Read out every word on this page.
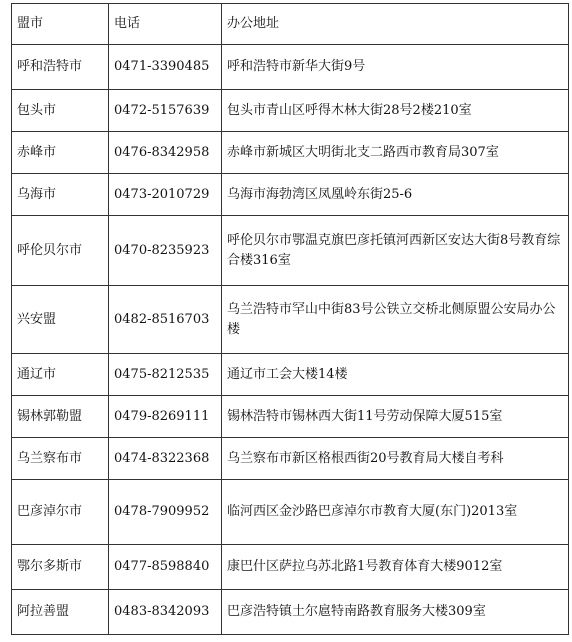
盟市	电话	办公地址
呼和浩特市	0471-3390485	呼和浩特市新华大街9号
包头市	0472-5157639	包头市青山区呼得木林大街28号2楼210室
赤峰市	0476-8342958	赤峰市新城区大明街北支二路西市教育局307室
乌海市	0473-2010729	乌海市海勃湾区凤凰岭东街25-6
呼伦贝尔市	0470-8235923	呼伦贝尔市鄂温克旗巴彦托镇河西新区安达大街8号教育综合楼316室
兴安盟	0482-8516703	乌兰浩特市罕山中街83号公铁立交桥北侧原盟公安局办公楼
通辽市	0475-8212535	通辽市工会大楼14楼
锡林郭勒盟	0479-8269111	锡林浩特市锡林西大街11号劳动保障大厦515室
乌兰察布市	0474-8322368	乌兰察布市新区格根西街20号教育局大楼自考科
巴彦淖尔市	0478-7909952	临河西区金沙路巴彦淖尔市教育大厦(东门)2013室
鄂尔多斯市	0477-8598840	康巴什区萨拉乌苏北路1号教育体育大楼9012室
阿拉善盟	0483-8342093	巴彦浩特镇土尔扈特南路教育服务大楼309室
